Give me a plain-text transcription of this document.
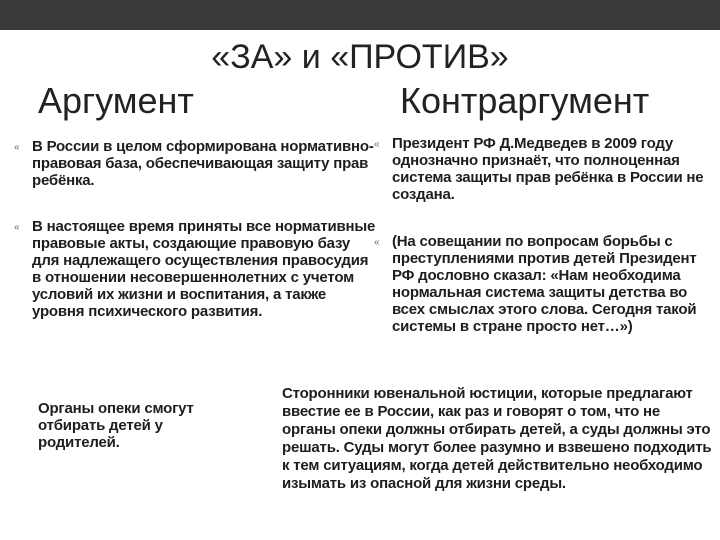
«ЗА» и «ПРОТИВ»
Аргумент	Контраргумент
« В России в целом сформирована нормативно-правовая база, обеспечивающая защиту прав ребёнка.
« В настоящее время приняты все нормативные правовые акты, создающие правовую базу для надлежащего осуществления правосудия в отношении несовершеннолетних с учетом условий их жизни и воспитания, а также уровня психического развития.
« Президент РФ Д.Медведев в 2009 году однозначно признаёт, что полноценная система защиты прав ребёнка в России не создана.
« (На совещании по вопросам борьбы с преступлениями против детей Президент РФ дословно сказал: «Нам необходима нормальная система защиты детства во всех смыслах этого слова. Сегодня такой системы в стране просто нет…»)
Органы опеки смогут отбирать детей у родителей.
Сторонники ювенальной юстиции, которые предлагают ввестие ее в России, как раз и говорят о том, что не органы опеки должны отбирать детей, а суды должны это решать. Суды могут более разумно и взвешено подходить к тем ситуациям, когда детей действительно необходимо изымать из опасной для жизни среды.
